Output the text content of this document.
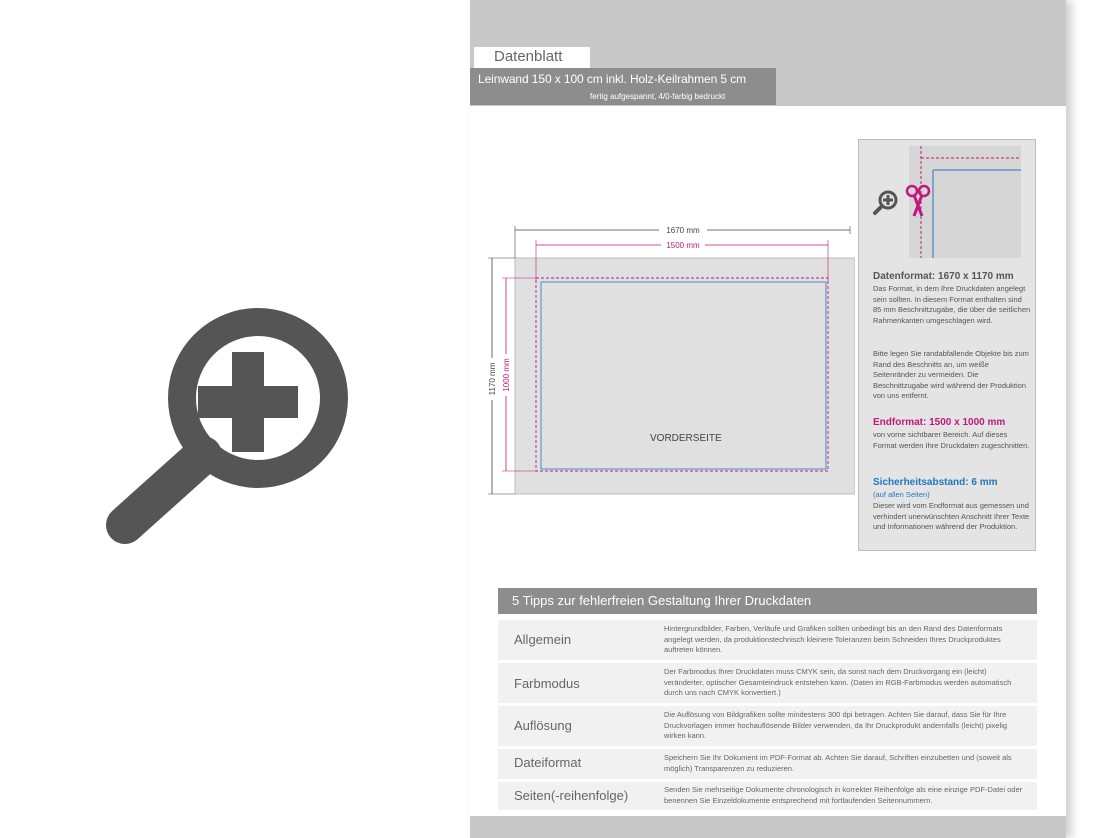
Datenblatt
Leinwand 150 x 100 cm inkl. Holz-Keilrahmen 5 cm
fertig aufgespannt, 4/0-farbig bedruckt
1670 mm
1500 mm
1170 mm 1000 mm
VORDERSEITE
Datenformat: 1670 x 1170 mm
Das Format, in dem Ihre Druckdaten angelegt sein sollten. In diesem Format enthalten sind 85 mm Beschnittzugabe, die über die seitlichen Rahmenkanten umgeschlagen wird.
Bitte legen Sie randabfallende Objekte bis zum Rand des Beschnitts an, um weiße Seitenränder zu vermeiden. Die Beschnittzugabe wird während der Produktion von uns entfernt.
Endformat: 1500 x 1000 mm
von vorne sichtbarer Bereich. Auf dieses Format werden Ihre Druckdaten zugeschnitten.
Sicherheitsabstand: 6 mm
(auf allen Seiten)
Dieser wird vom Endformat aus gemessen und verhindert unerwünschten Anschnitt Ihrer Texte und Informationen während der Produktion.
5 Tipps zur fehlerfreien Gestaltung Ihrer Druckdaten
Allgemein
Hintergrundbilder, Farben, Verläufe und Grafiken sollten unbedingt bis an den Rand des Datenformats angelegt werden, da produktionstechnisch kleinere Toleranzen beim Schneiden Ihres Druckproduktes auftreten können.
Farbmodus
Der Farbmodus Ihrer Druckdaten muss CMYK sein, da sonst nach dem Druckvorgang ein (leicht) veränderter, optischer Gesamteindruck entstehen kann. (Daten im RGB-Farbmodus werden automatisch durch uns nach CMYK konvertiert.)
Auflösung
Die Auflösung von Bildgrafiken sollte mindestens 300 dpi betragen. Achten Sie darauf, dass Sie für Ihre Druckvorlagen immer hochauflösende Bilder verwenden, da Ihr Druckprodukt andernfalls (leicht) pixelig wirken kann.
Dateiformat	Speichern Sie Ihr Dokument im PDF-Format ab. Achten Sie darauf, Schriften einzubetten und (soweit als möglich) Transparenzen zu reduzieren.
Seiten(-reihenfolge)	Senden Sie mehrseitige Dokumente chronologisch in korrekter Reihenfolge als eine einzige PDF-Datei oder benennen Sie Einzeldokumente entsprechend mit fortlaufenden Seitennummern.
